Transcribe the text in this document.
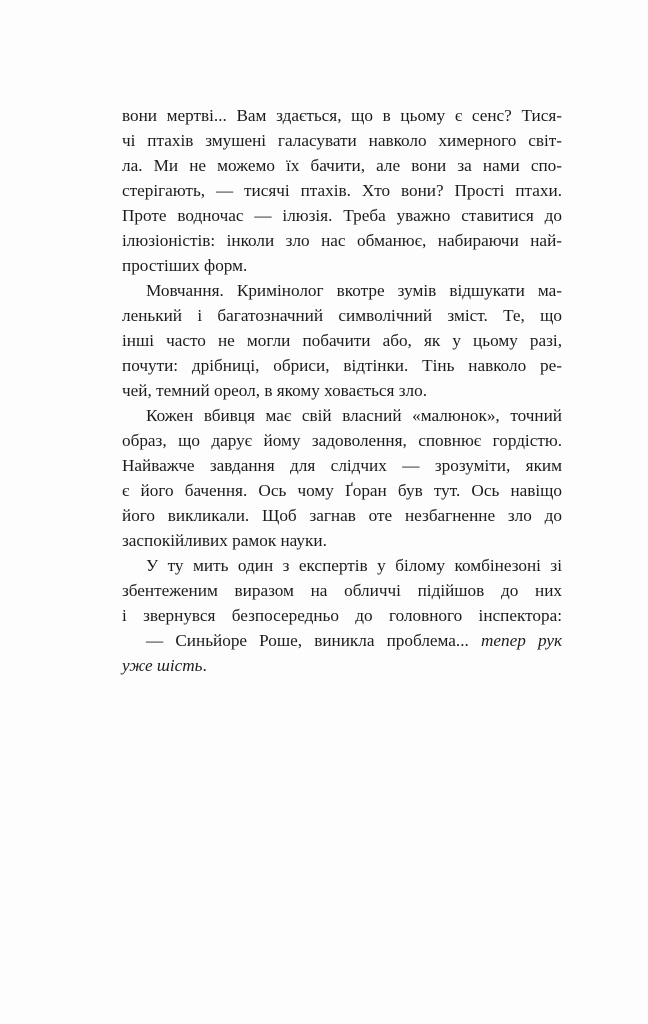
вони мертві... Вам здається, що в цьому є сенс? Тися-
чі птахів змушені галасувати навколо химерного світ-
ла. Ми не можемо їх бачити, але вони за нами спо-
стерігають, — тисячі птахів. Хто вони? Прості птахи.
Проте водночас — ілюзія. Треба уважно ставитися до
ілюзіоністів: інколи зло нас обманює, набираючи най-
простіших форм.
Мовчання. Кримінолог вкотре зумів відшукати ма-
ленький і багатозначний символічний зміст. Те, що
інші часто не могли побачити або, як у цьому разі,
почути: дрібниці, обриси, відтінки. Тінь навколо ре-
чей, темний ореол, в якому ховається зло.
Кожен вбивця має свій власний «малюнок», точний
образ, що дарує йому задоволення, сповнює гордістю.
Найважче завдання для слідчих — зрозуміти, яким
є його бачення. Ось чому Ґоран був тут. Ось навіщо
його викликали. Щоб загнав оте незбагненне зло до
заспокійливих рамок науки.
У ту мить один з експертів у білому комбінезоні зі
збентеженим виразом на обличчі підійшов до них
і звернувся безпосередньо до головного інспектора:
— Синьйоре Роше, виникла проблема... тепер рук
уже шість.
